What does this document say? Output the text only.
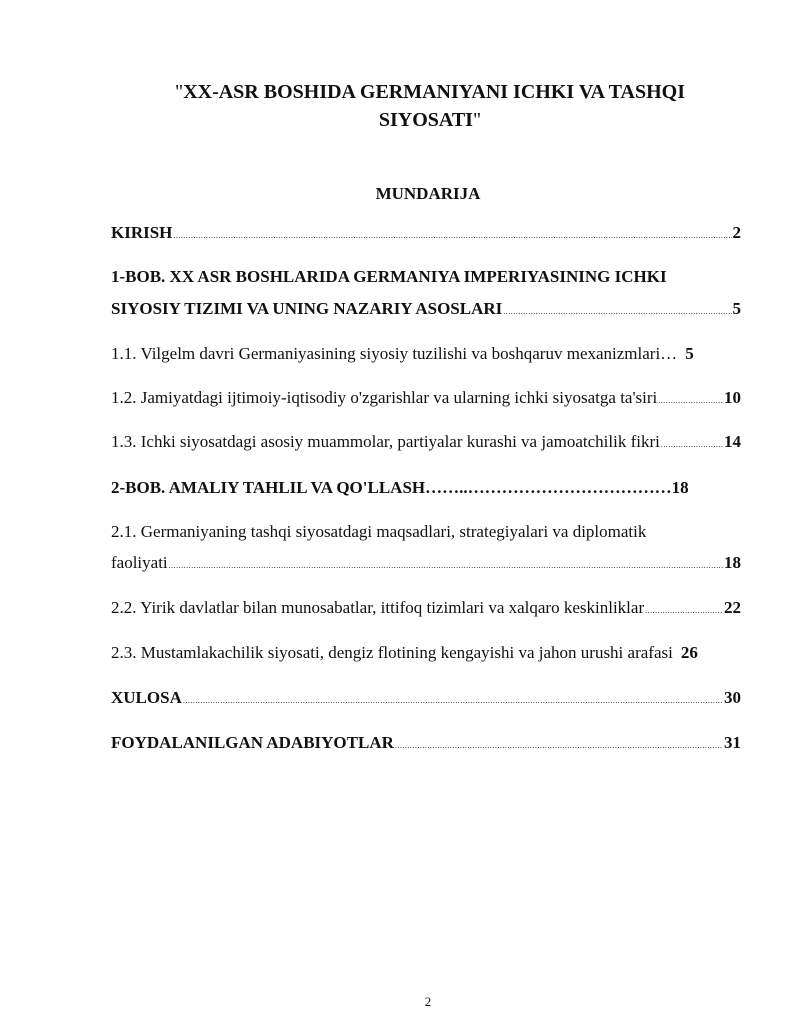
"XX-ASR BOSHIDA GERMANIYANI ICHKI VA TASHQI
SIYOSATI"
MUNDARIJA
KIRISH .....	2
1-BOB. XX ASR BOSHLARIDA GERMANIYA IMPERIYASINING ICHKI
SIYOSIY TIZIMI VA UNING NAZARIY ASOSLARI .....	5
1.1. Vilgelm davri Germaniyasining siyosiy tuzilishi va boshqaruv mexanizmlari… 5
1.2. Jamiyatdagi ijtimoiy-iqtisodiy o'zgarishlar va ularning ichki siyosatga ta'siri .....	10
1.3. Ichki siyosatdagi asosiy muammolar, partiyalar kurashi va jamoatchilik fikri .....	14
2-BOB. AMALIY TAHLIL VA QO'LLASH…….. ……………………………… 18
2.1. Germaniyaning tashqi siyosatdagi maqsadlari, strategiyalari va diplomatik
faoliyati .....	18
2.2. Yirik davlatlar bilan munosabatlar, ittifoq tizimlari va xalqaro keskinliklar .....	22
2.3. Mustamlakachilik siyosati, dengiz flotining kengayishi va jahon urushi arafasi 26
XULOSA .....	30
FOYDALANILGAN ADABIYOTLAR .....	31
2
